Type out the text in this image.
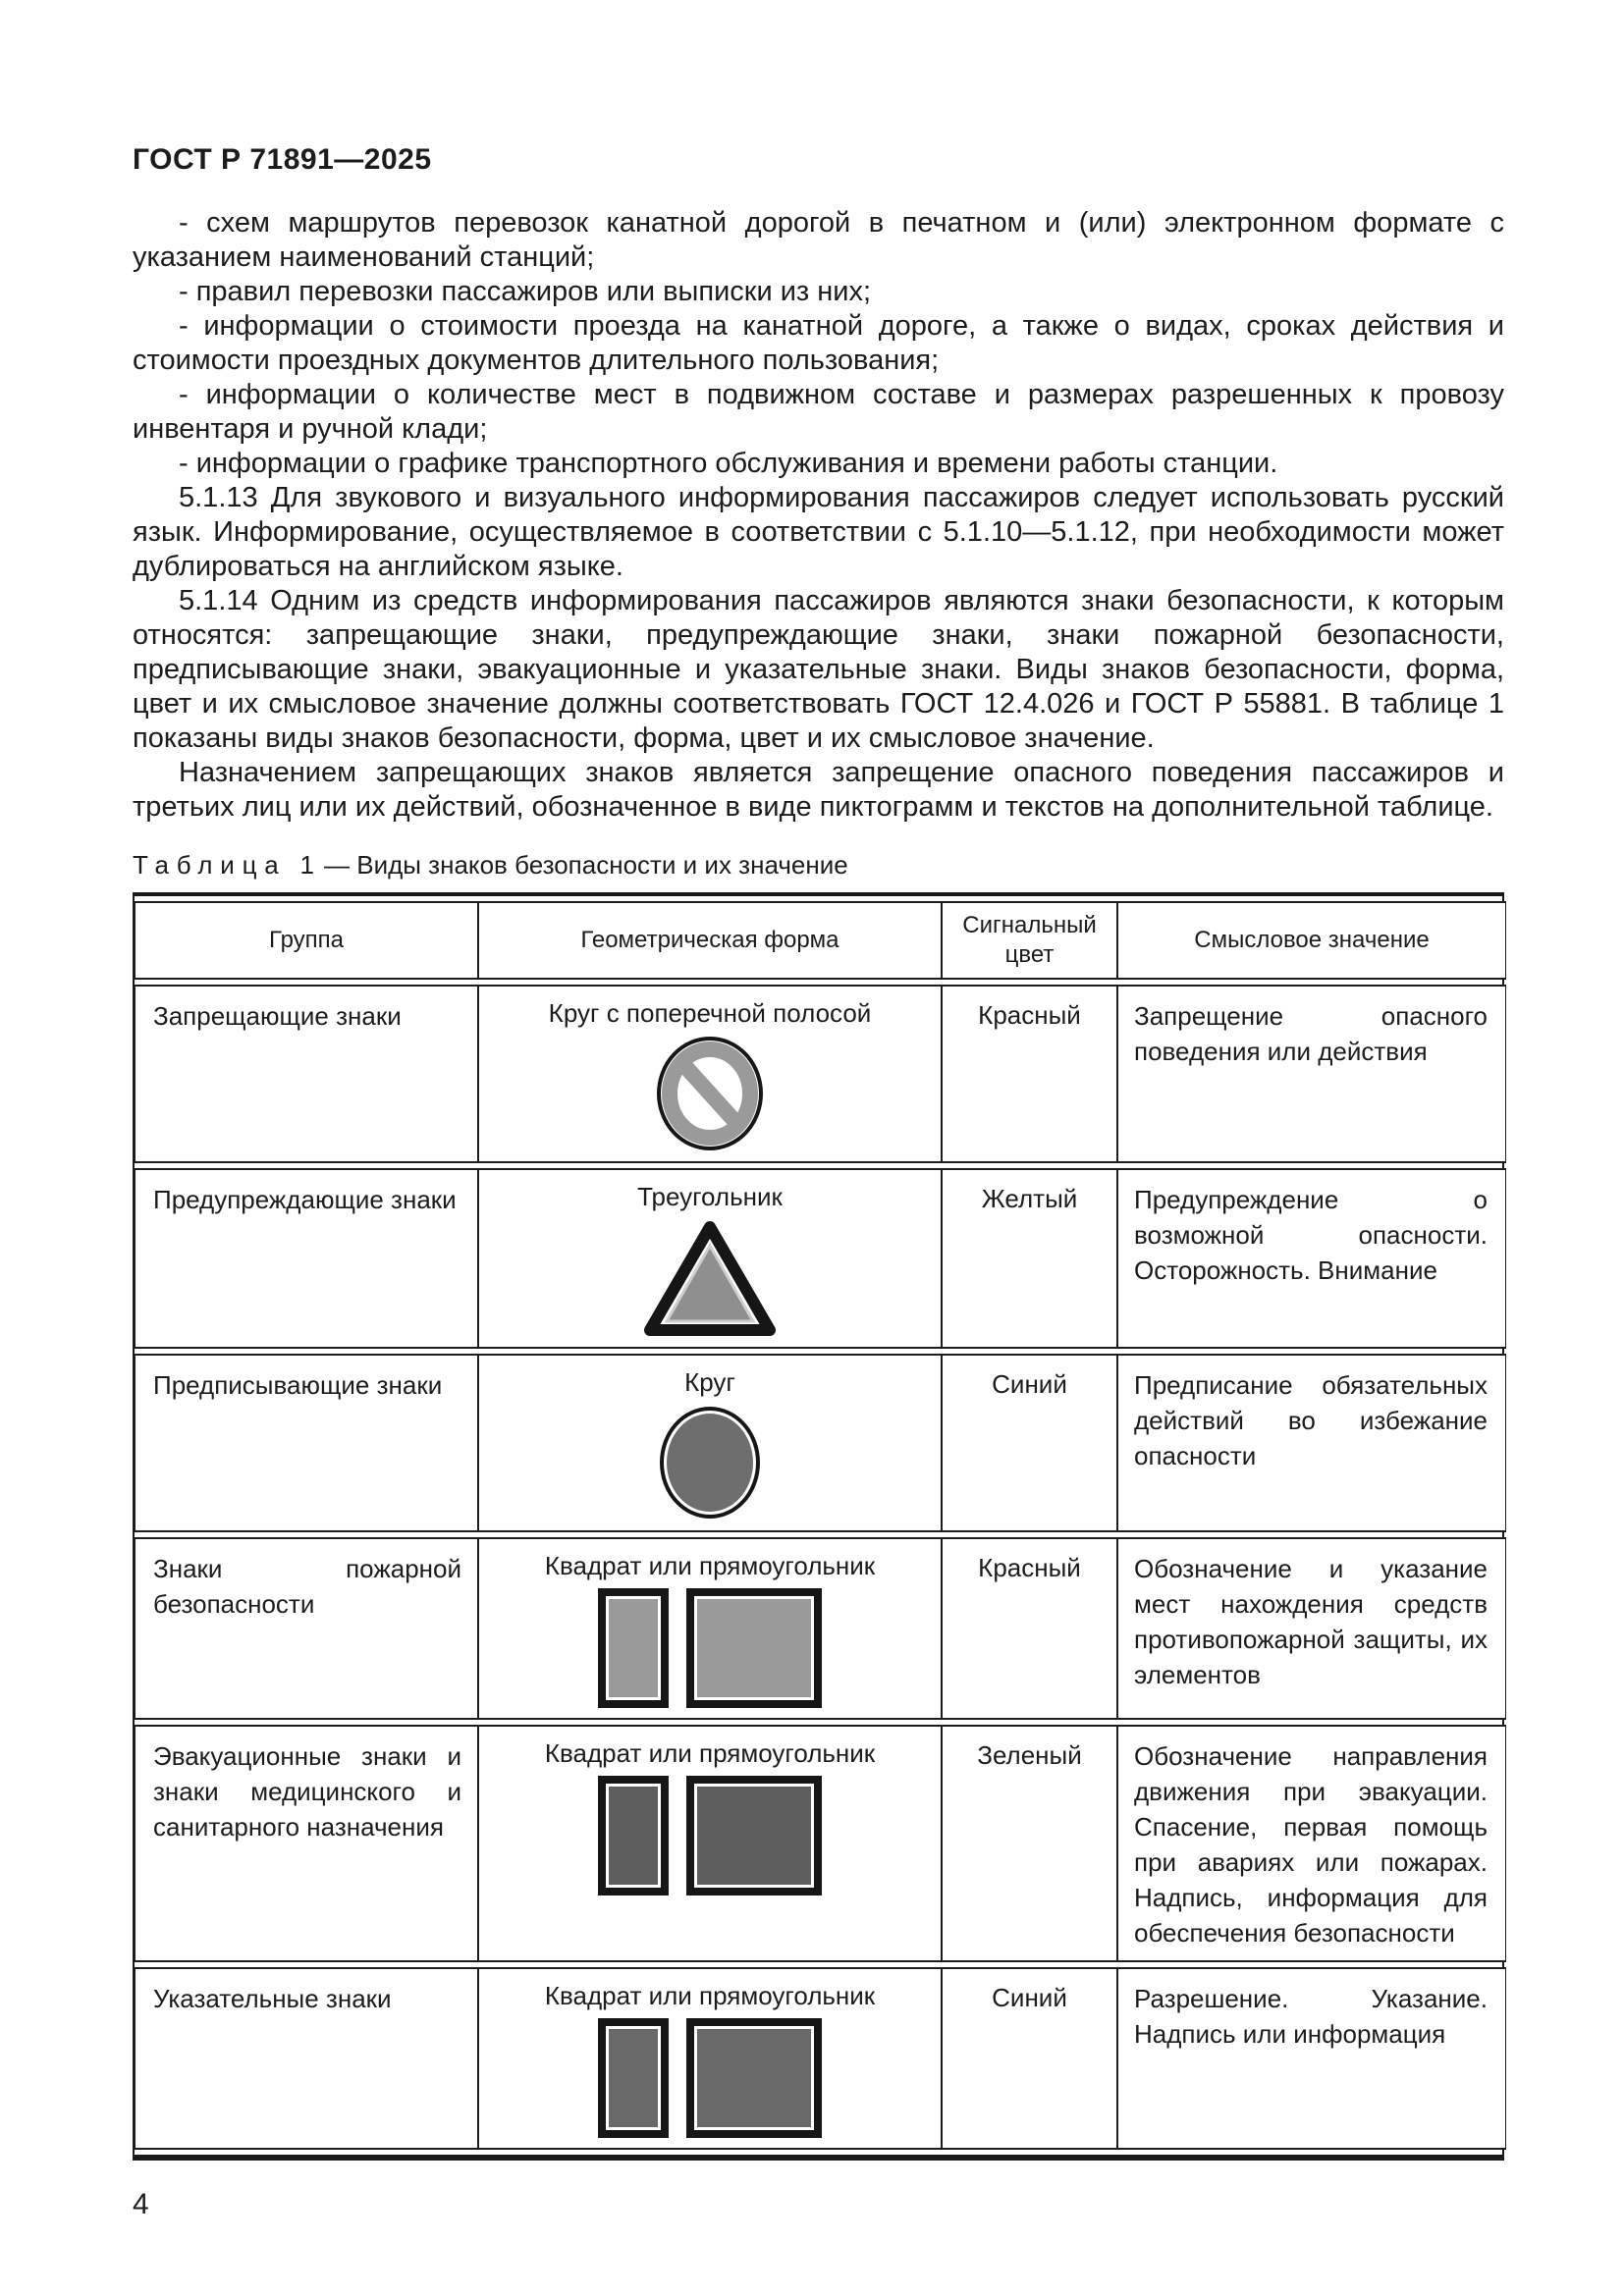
ГОСТ Р 71891—2025

- схем маршрутов перевозок канатной дорогой в печатном и (или) электронном формате с указанием наименований станций;

- правил перевозки пассажиров или выписки из них;

- информации о стоимости проезда на канатной дороге, а также о видах, сроках действия и стоимости проездных документов длительного пользования;

- информации о количестве мест в подвижном составе и размерах разрешенных к провозу инвентаря и ручной клади;

- информации о графике транспортного обслуживания и времени работы станции.

5.1.13 Для звукового и визуального информирования пассажиров следует использовать русский язык. Информирование, осуществляемое в соответствии с 5.1.10—5.1.12, при необходимости может дублироваться на английском языке.

5.1.14 Одним из средств информирования пассажиров являются знаки безопасности, к которым относятся: запрещающие знаки, предупреждающие знаки, знаки пожарной безопасности, предписывающие знаки, эвакуационные и указательные знаки. Виды знаков безопасности, форма, цвет и их смысловое значение должны соответствовать ГОСТ 12.4.026 и ГОСТ Р 55881. В таблице 1 показаны виды знаков безопасности, форма, цвет и их смысловое значение.

Назначением запрещающих знаков является запрещение опасного поведения пассажиров и третьих лиц или их действий, обозначенное в виде пиктограмм и текстов на дополнительной таблице.

Таблица 1 — Виды знаков безопасности и их значение
Группа	Геометрическая форма	Сигнальный цвет	Смысловое значение
Запрещающие знаки	Круг с поперечной полосой	Красный	Запрещение опасного поведения или действия
Предупреждающие знаки	Треугольник	Желтый	Предупреждение о возможной опасности. Осторожность. Внимание
Предписывающие знаки	Круг	Синий	Предписание обязательных действий во избежание опасности
Знаки пожарной безопасности	Квадрат или прямоугольник	Красный	Обозначение и указание мест нахождения средств противопожарной защиты, их элементов
Эвакуационные знаки и знаки медицинского и санитарного назначения	Квадрат или прямоугольник	Зеленый	Обозначение направления движения при эвакуации. Спасение, первая помощь при авариях или пожарах. Надпись, информация для обеспечения безопасности
Указательные знаки	Квадрат или прямоугольник	Синий	Разрешение. Указание. Надпись или информация
4
